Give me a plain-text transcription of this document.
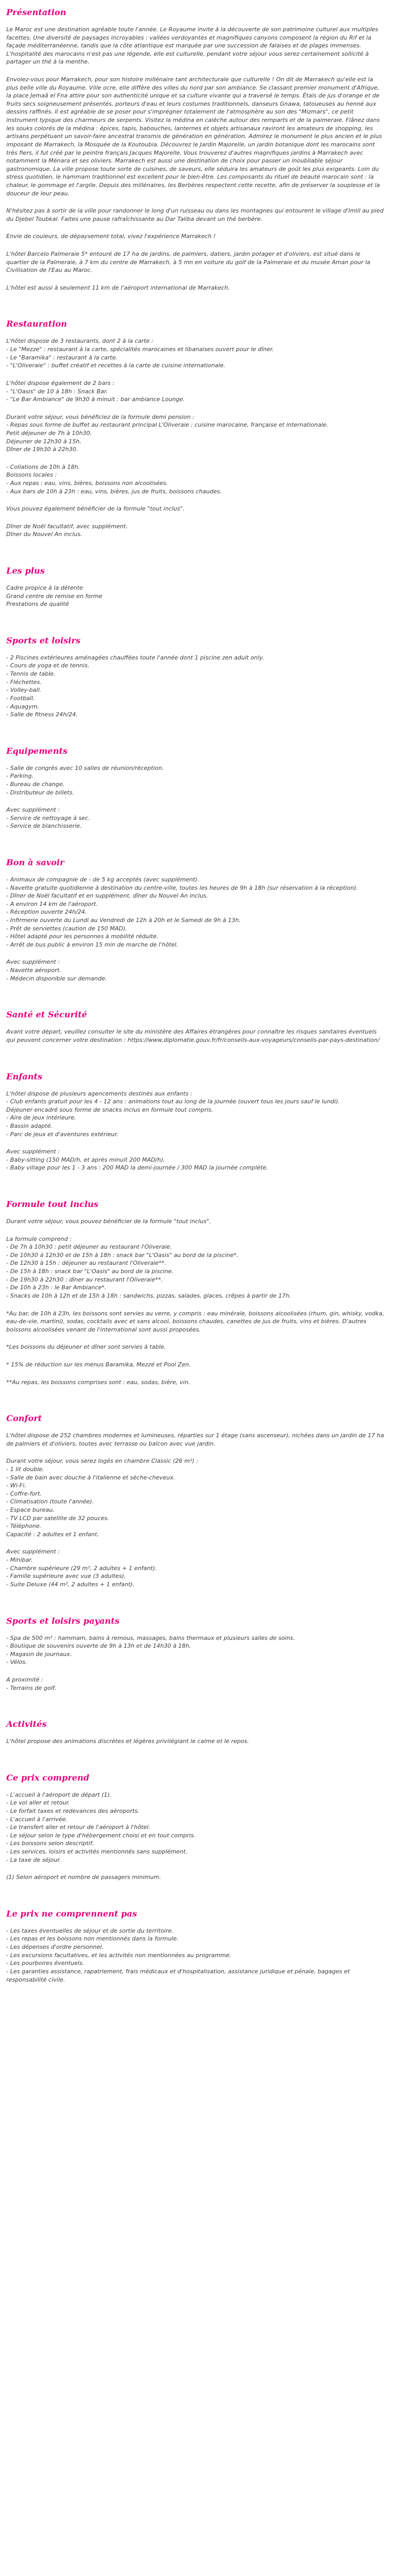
Présentation
Le Maroc est une destination agréable toute l'année. Le Royaume invite à la découverte de son patrimoine culturel aux multiples facettes. Une diversité de paysages incroyables : vallées verdoyantes et magnifiques canyons composent la région du Rif et la façade méditerranéenne, tandis que la côte atlantique est marquée par une succession de falaises et de plages immenses. L'hospitalité des marocains n'est pas une légende, elle est culturelle, pendant votre séjour vous serez certainement sollicité à partager un thé à la menthe.
Envolez-vous pour Marrakech, pour son histoire millénaire tant architecturale que culturelle ! On dit de Marrakech qu'elle est la plus belle ville du Royaume. Ville ocre, elle diffère des villes du nord par son ambiance. Se classant premier monument d'Afrique, la place Jemaâ el Fna attire pour son authenticité unique et sa culture vivante qui a traversé le temps. Étals de jus d'orange et de fruits secs soigneusement présentés, porteurs d'eau et leurs costumes traditionnels, danseurs Gnawa, tatoueuses au henné aux dessins raffinés. Il est agréable de se poser pour s'imprégner totalement de l'atmosphère au son des "Mizmars", ce petit instrument typique des charmeurs de serpents. Visitez la médina en calèche autour des remparts et de la palmeraie. Flânez dans les souks colorés de la médina : épices, tapis, babouches, lanternes et objets artisanaux raviront les amateurs de shopping, les artisans perpétuant un savoir-faire ancestral transmis de génération en génération. Admirez le monument le plus ancien et le plus imposant de Marrakech, la Mosquée de la Koutoubia. Découvrez le Jardin Majorelle, un jardin botanique dont les marocains sont très fiers, il fut créé par le peintre français Jacques Majorelle. Vous trouverez d'autres magnifiques jardins à Marrakech avec notamment la Ménara et ses oliviers. Marrakech est aussi une destination de choix pour passer un inoubliable séjour gastronomique. La ville propose toute sorte de cuisines, de saveurs, elle séduira les amateurs de goût les plus exigeants. Loin du stress quotidien, le hammam traditionnel est excellent pour le bien-être. Les composants du rituel de beauté marocain sont : la chaleur, le gommage et l'argile. Depuis des millénaires, les Berbères respectent cette recette, afin de préserver la souplesse et la douceur de leur peau.
N'hésitez pas à sortir de la ville pour randonner le long d'un ruisseau ou dans les montagnes qui entourent le village d'Imlil au pied du Djebel Toubkal. Faites une pause rafraîchissante au Dar Taliba devant un thé berbère.
Envie de couleurs, de dépaysement total, vivez l'expérience Marrakech !
L'hôtel Barcelo Palmeraie 5* entouré de 17 ha de jardins, de palmiers, datiers, jardin potager et d'oliviers, est situé dans le quartier de la Palmeraie, à 7 km du centre de Marrakech, à 5 mn en voiture du golf de la Palmeraie et du musée Aman pour la Civilisation de l'Eau au Maroc.
L'hôtel est aussi à seulement 11 km de l'aéroport international de Marrakech.
Restauration
L'hôtel dispose de 3 restaurants, dont 2 à la carte :
- Le "Mezze" : restaurant à la carte, spécialités marocaines et libanaises ouvert pour le dîner.
- Le "Baramika" : restaurant à la carte.
- "L'Oliveraie" : buffet créatif et recettes à la carte de cuisine internationale.
L'hôtel dispose également de 2 bars :
- "L'Oasis" de 10 à 18h : Snack Bar.
- "Le Bar Ambiance" de 9h30 à minuit : bar ambiance Lounge.
Durant votre séjour, vous bénéficiez de la formule demi pension :
- Repas sous forme de buffet au restaurant principal L'Oliveraie : cuisine marocaine, française et internationale.
Petit déjeuner de 7h à 10h30.
Déjeuner de 12h30 à 15h.
Dîner de 19h30 à 22h30.
- Collations de 10h à 18h.
Boissons locales :
- Aux repas : eau, vins, bières, boissons non alcoolisées.
- Aux bars de 10h à 23h : eau, vins, bières, jus de fruits, boissons chaudes.
Vous pouvez également bénéficier de la formule "tout inclus".
Dîner de Noël facultatif, avec supplément.
Dîner du Nouvel An inclus.
Les plus
Cadre propice à la détente
Grand centre de remise en forme
Prestations de qualité
Sports et loisirs
- 2 Piscines extérieures aménagées chauffées toute l'année dont 1 piscine zen adult only.
- Cours de yoga et de tennis.
- Tennis de table.
- Fléchettes.
- Volley-ball.
- Football.
- Aquagym.
- Salle de fitness 24h/24.
Equipements
- Salle de congrès avec 10 salles de réunion/réception.
- Parking.
- Bureau de change.
- Distributeur de billets.
Avec supplément :
- Service de nettoyage à sec.
- Service de blanchisserie.
Bon à savoir
- Animaux de compagnie de - de 5 kg acceptés (avec supplément).
- Navette gratuite quotidienne à destination du centre-ville, toutes les heures de 9h à 18h (sur réservation à la réception).
- Dîner de Noël facultatif et en supplément, dîner du Nouvel An inclus.
- A environ 14 km de l'aéroport.
- Réception ouverte 24h/24.
- Infirmerie ouverte du Lundi au Vendredi de 12h à 20h et le Samedi de 9h à 13h.
- Prêt de serviettes (caution de 150 MAD).
- Hôtel adapté pour les personnes à mobilité réduite.
- Arrêt de bus public à environ 15 min de marche de l'hôtel.
Avec supplément :
- Navette aéroport.
- Médecin disponible sur demande.
Santé et Sécurité
Avant votre départ, veuillez consulter le site du ministère des Affaires étrangères pour connaître les risques sanitaires éventuels qui peuvent concerner votre destination : https://www.diplomatie.gouv.fr/fr/conseils-aux-voyageurs/conseils-par-pays-destination/
Enfants
L'hôtel dispose de plusieurs agencements destinés aux enfants :
- Club enfants gratuit pour les 4 - 12 ans : animations tout au long de la journée (ouvert tous les jours sauf le lundi).
Déjeuner encadré sous forme de snacks inclus en formule tout compris.
- Aire de jeux intérieure.
- Bassin adapté.
- Parc de jeux et d'aventures extérieur.
Avec supplément :
- Baby-sitting (150 MAD/h, et après minuit 200 MAD/h).
- Baby village pour les 1 - 3 ans : 200 MAD la demi-journée / 300 MAD la journée complète.
Formule tout inclus
Durant votre séjour, vous pouvez bénéficier de la formule "tout inclus".
La formule comprend :
- De 7h à 10h30 : petit déjeuner au restaurant l'Oliveraie.
- De 10h30 à 12h30 et de 15h à 18h : snack bar "L'Oasis" au bord de la piscine*.
- De 12h30 à 15h : déjeuner au restaurant l'Oliveraie**.
- De 15h à 18h : snack bar "L'Oasis" au bord de la piscine.
- De 19h30 à 22h30 : dîner au restaurant l'Oliveraie**.
- De 10h à 23h : le Bar Ambiance*.
- Snacks de 10h à 12h et de 15h à 18h : sandwichs, pizzas, salades, glaces, crêpes à partir de 17h.
*Au bar, de 10h à 23h, les boissons sont servies au verre, y compris : eau minérale, boissons alcoolisées (rhum, gin, whisky, vodka, eau-de-vie, martini), sodas, cocktails avec et sans alcool, boissons chaudes, canettes de jus de fruits, vins et bières. D'autres boissons alcoolisées venant de l'international sont aussi proposées.
*Les boissons du déjeuner et dîner sont servies à table.
* 15% de réduction sur les menus Baramika, Mezzé et Pool Zen.
**Au repas, les boissons comprises sont : eau, sodas, bière, vin.
Confort
L'hôtel dispose de 252 chambres modernes et lumineuses, réparties sur 1 étage (sans ascenseur), nichées dans un jardin de 17 ha de palmiers et d'oliviers, toutes avec terrasse ou balcon avec vue jardin.
Durant votre séjour, vous serez logés en chambre Classic (26 m²) :
- 1 lit double.
- Salle de bain avec douche à l'italienne et sèche-cheveux.
- Wi-Fi.
- Coffre-fort.
- Climatisation (toute l'année).
- Espace bureau.
- TV LCD par satellite de 32 pouces.
- Téléphone.
Capacité : 2 adultes et 1 enfant.
Avec supplément :
- Minibar.
- Chambre supérieure (29 m², 2 adultes + 1 enfant).
- Famille supérieure avec vue (3 adultes).
- Suite Deluxe (44 m², 2 adultes + 1 enfant).
Sports et loisirs payants
- Spa de 500 m² : hammam, bains à remous, massages, bains thermaux et plusieurs salles de soins.
- Boutique de souvenirs ouverte de 9h à 13h et de 14h30 à 18h.
- Magasin de journaux.
- Vélos.
A proximité :
- Terrains de golf.
Activités
L'hôtel propose des animations discrètes et légères privilégiant le calme et le repos.
Ce prix comprend
- L'accueil à l'aéroport de départ (1).
- Le vol aller et retour.
- Le forfait taxes et redevances des aéroports.
- L'accueil à l'arrivée.
- Le transfert aller et retour de l'aéroport à l'hôtel.
- Le séjour selon le type d'hébergement choisi et en tout compris.
- Les boissons selon descriptif.
- Les services, loisirs et activités mentionnés sans supplément.
- La taxe de séjour.
(1) Selon aéroport et nombre de passagers minimum.
Le prix ne comprennent pas
- Les taxes éventuelles de séjour et de sortie du territoire.
- Les repas et les boissons non mentionnés dans la formule.
- Les dépenses d'ordre personnel.
- Les excursions facultatives, et les activités non mentionnées au programme.
- Les pourboires éventuels.
- Les garanties assistance, rapatriement, frais médicaux et d'hospitalisation, assistance juridique et pénale, bagages et responsabilité civile.
